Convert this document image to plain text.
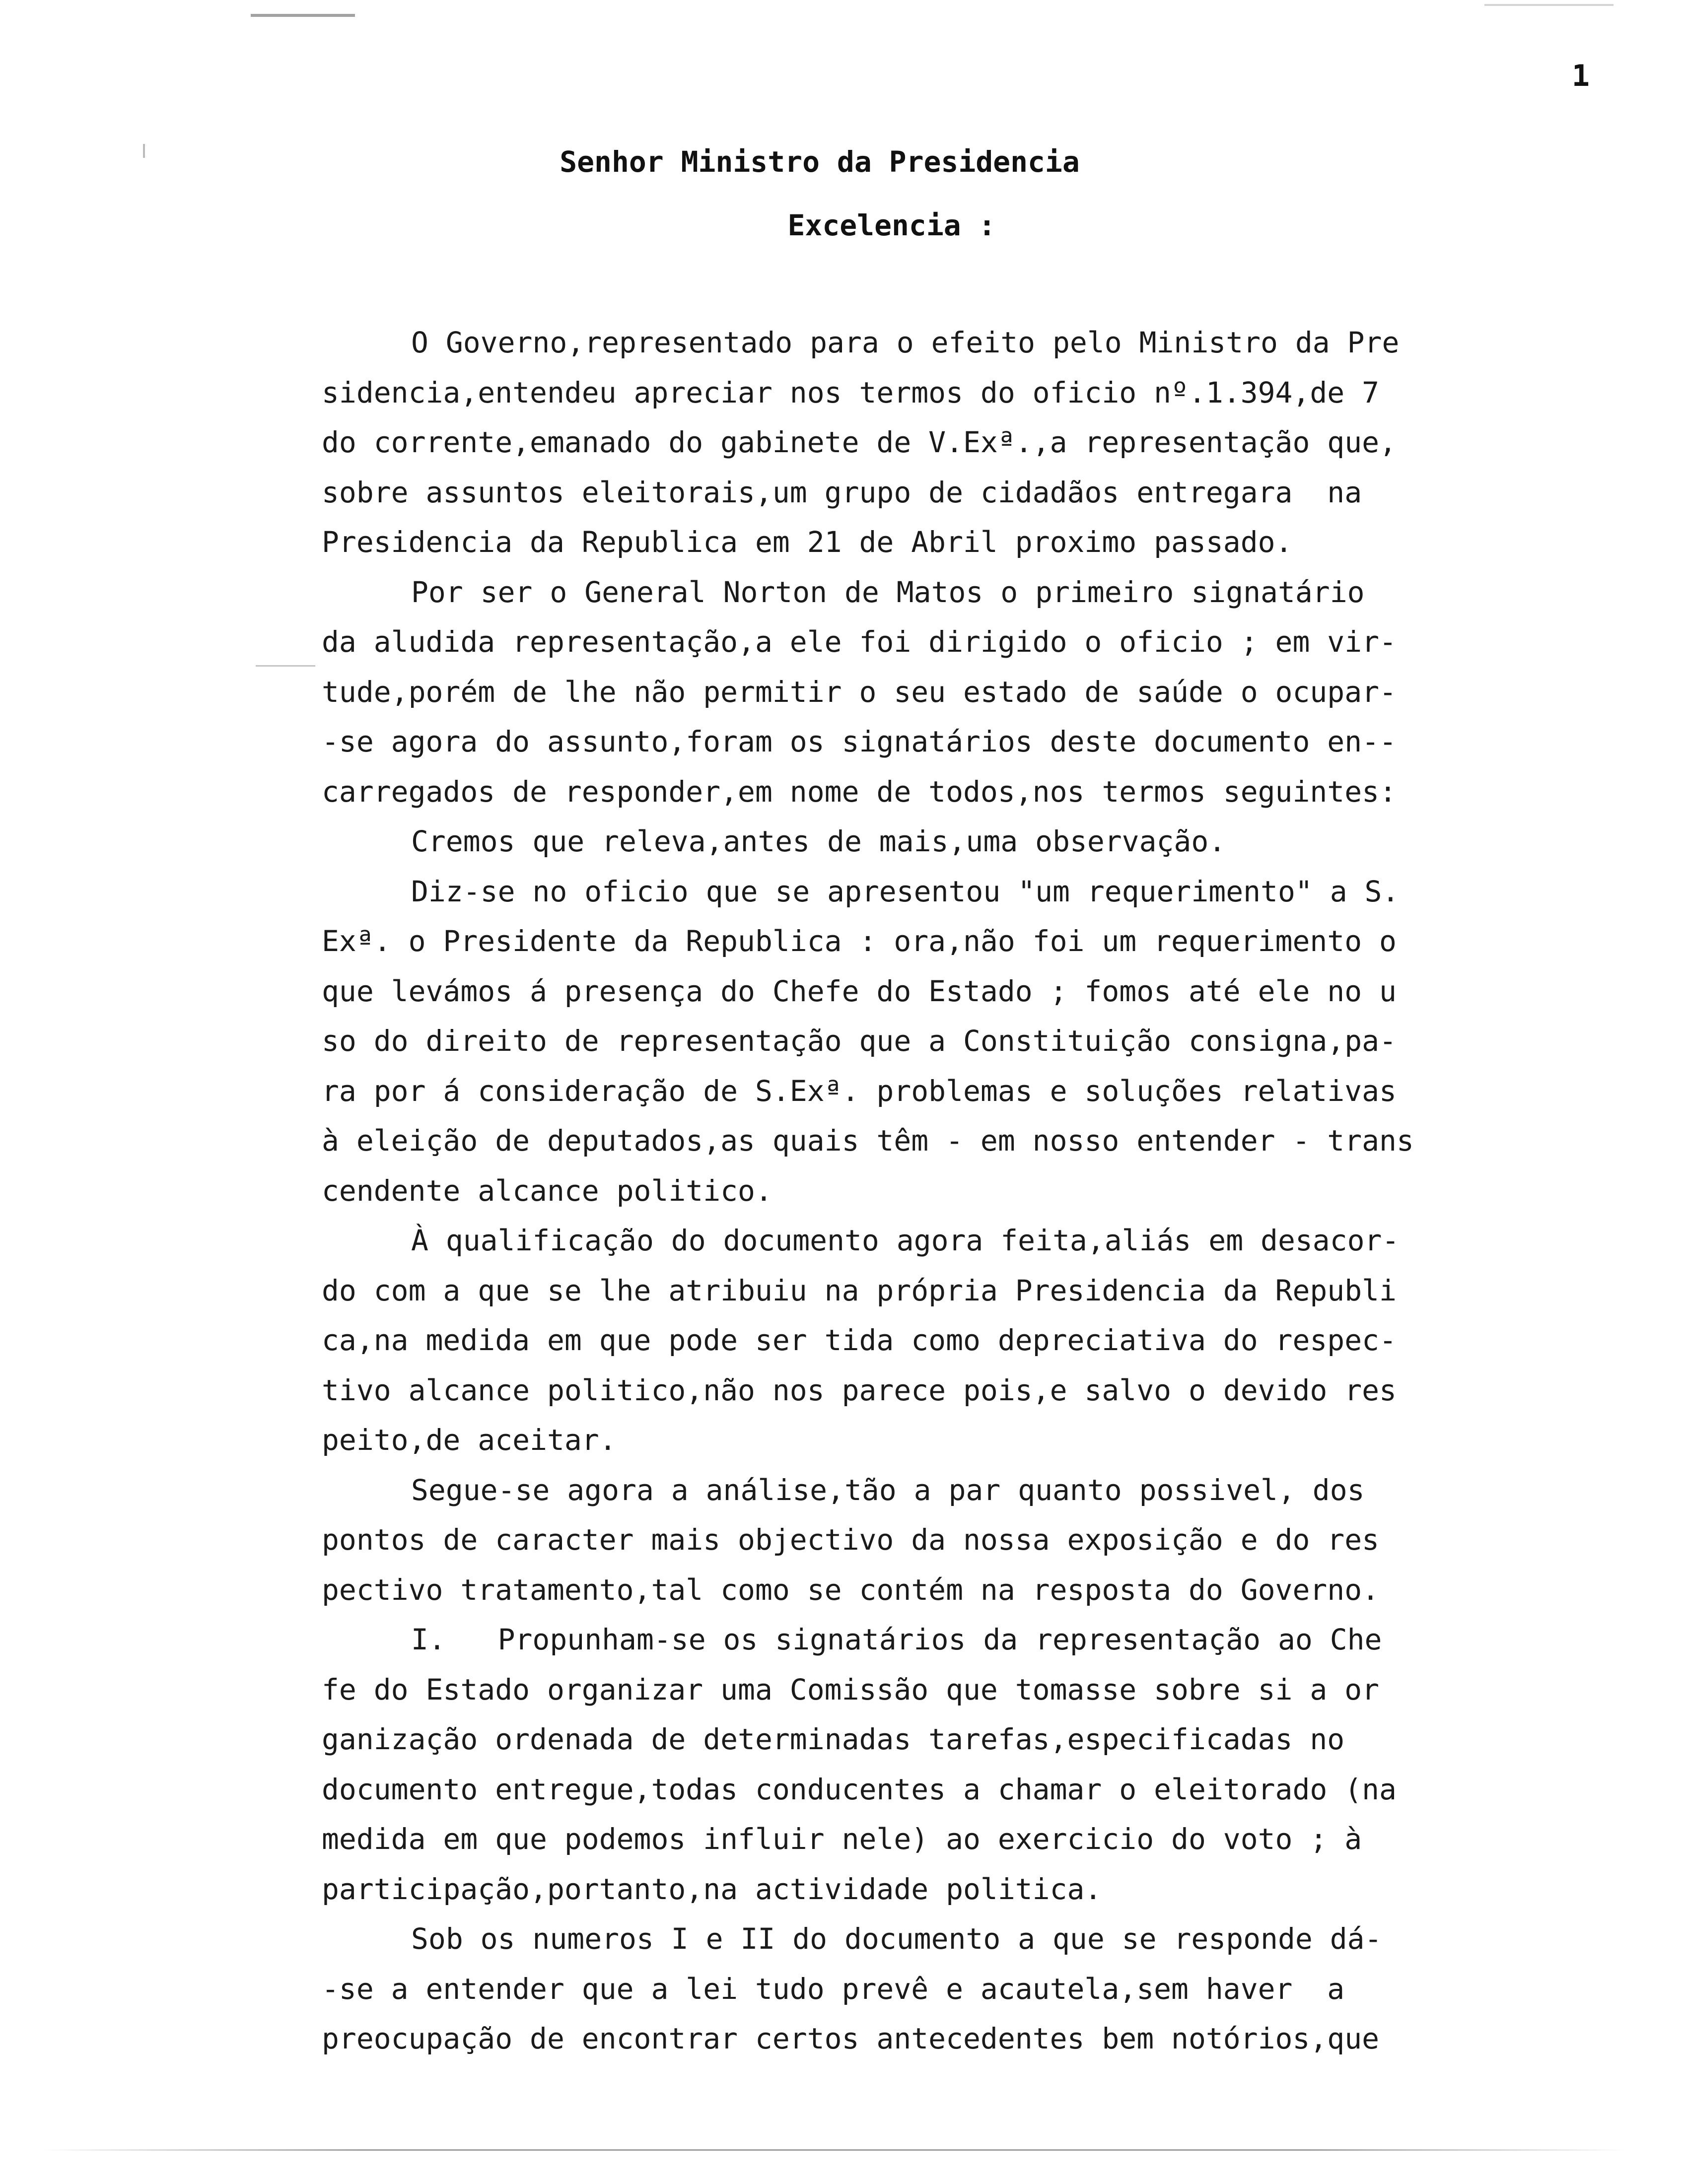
1
Senhor Ministro da Presidencia
Excelencia :
O Governo,representado para o efeito pelo Ministro da Pre
sidencia,entendeu apreciar nos termos do oficio nº.1.394,de 7
do corrente,emanado do gabinete de V.Exª.,a representação que,
sobre assuntos eleitorais,um grupo de cidadãos entregara  na
Presidencia da Republica em 21 de Abril proximo passado.
Por ser o General Norton de Matos o primeiro signatário
da aludida representação,a ele foi dirigido o oficio ; em vir-
tude,porém de lhe não permitir o seu estado de saúde o ocupar-
-se agora do assunto,foram os signatários deste documento en--
carregados de responder,em nome de todos,nos termos seguintes:
Cremos que releva,antes de mais,uma observação.
Diz-se no oficio que se apresentou "um requerimento" a S.
Exª. o Presidente da Republica : ora,não foi um requerimento o
que levámos á presença do Chefe do Estado ; fomos até ele no u
so do direito de representação que a Constituição consigna,pa-
ra por á consideração de S.Exª. problemas e soluções relativas
à eleição de deputados,as quais têm - em nosso entender - trans
cendente alcance politico.
À qualificação do documento agora feita,aliás em desacor-
do com a que se lhe atribuiu na própria Presidencia da Republi
ca,na medida em que pode ser tida como depreciativa do respec-
tivo alcance politico,não nos parece pois,e salvo o devido res
peito,de aceitar.
Segue-se agora a análise,tão a par quanto possivel, dos
pontos de caracter mais objectivo da nossa exposição e do res
pectivo tratamento,tal como se contém na resposta do Governo.
I.   Propunham-se os signatários da representação ao Che
fe do Estado organizar uma Comissão que tomasse sobre si a or
ganização ordenada de determinadas tarefas,especificadas no
documento entregue,todas conducentes a chamar o eleitorado (na
medida em que podemos influir nele) ao exercicio do voto ; à
participação,portanto,na actividade politica.
Sob os numeros I e II do documento a que se responde dá-
-se a entender que a lei tudo prevê e acautela,sem haver  a
preocupação de encontrar certos antecedentes bem notórios,que
